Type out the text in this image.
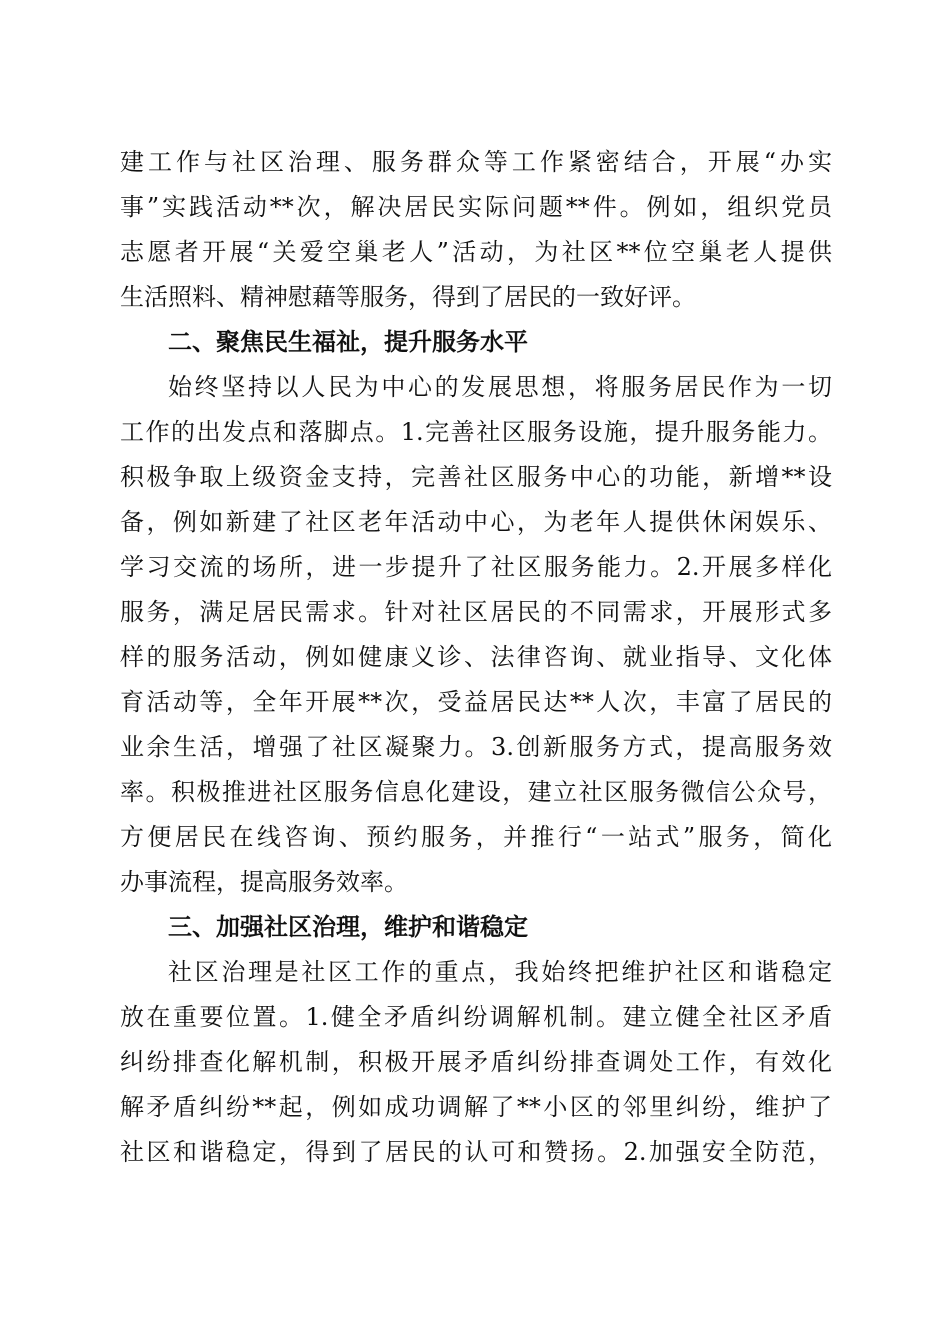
建工作与社区治理、服务群众等工作紧密结合，开展“办实
事”实践活动**次，解决居民实际问题**件。例如，组织党员
志愿者开展“关爱空巢老人”活动，为社区**位空巢老人提供
生活照料、精神慰藉等服务，得到了居民的一致好评。
二、聚焦民生福祉，提升服务水平
始终坚持以人民为中心的发展思想，将服务居民作为一切
工作的出发点和落脚点。1.完善社区服务设施，提升服务能力。
积极争取上级资金支持，完善社区服务中心的功能，新增**设
备，例如新建了社区老年活动中心，为老年人提供休闲娱乐、
学习交流的场所，进一步提升了社区服务能力。2.开展多样化
服务，满足居民需求。针对社区居民的不同需求，开展形式多
样的服务活动，例如健康义诊、法律咨询、就业指导、文化体
育活动等，全年开展**次，受益居民达**人次，丰富了居民的
业余生活，增强了社区凝聚力。3.创新服务方式，提高服务效
率。积极推进社区服务信息化建设，建立社区服务微信公众号，
方便居民在线咨询、预约服务，并推行“一站式”服务，简化
办事流程，提高服务效率。
三、加强社区治理，维护和谐稳定
社区治理是社区工作的重点，我始终把维护社区和谐稳定
放在重要位置。1.健全矛盾纠纷调解机制。建立健全社区矛盾
纠纷排查化解机制，积极开展矛盾纠纷排查调处工作，有效化
解矛盾纠纷**起，例如成功调解了**小区的邻里纠纷，维护了
社区和谐稳定，得到了居民的认可和赞扬。2.加强安全防范，
